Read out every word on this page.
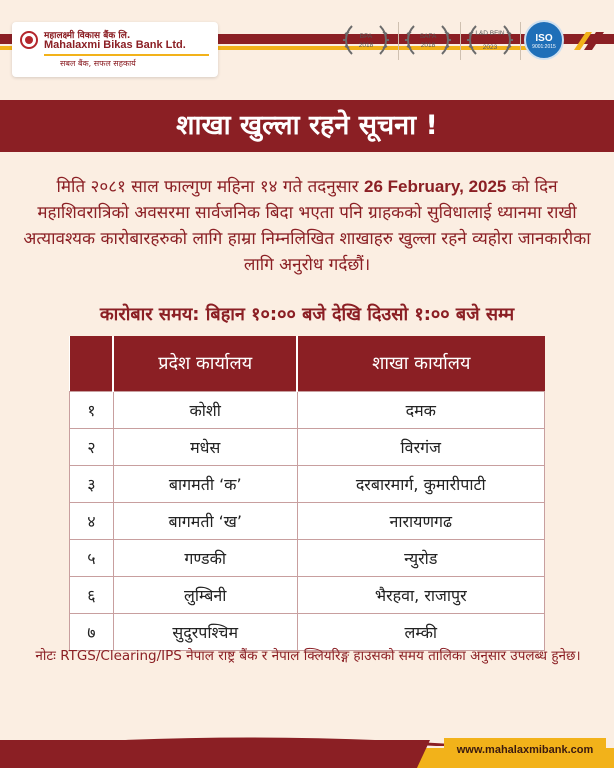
महालक्ष्मी विकास बैंक लि.
Mahalaxmi Bikas Bank Ltd.
सबल बैंक, सफल सहकार्य
BPA
2018
SAFA
2018
L&D BFIN
2023
ISO
9001:2015
शाखा खुल्ला रहने सूचना !
मिति २०८१ साल फाल्गुण महिना १४ गते तदनुसार 26 February, 2025 को दिन महाशिवरात्रिको अवसरमा सार्वजनिक बिदा भएता पनि ग्राहकको सुविधालाई ध्यानमा राखी अत्यावश्यक कारोबारहरुको लागि हाम्रा निम्नलिखित शाखाहरु खुल्ला रहने व्यहोरा जानकारीका लागि अनुरोध गर्दछौं।
कारोबार समय: बिहान १०:०० बजे देखि दिउसो १:०० बजे सम्म
	प्रदेश कार्यालय	शाखा कार्यालय
१	कोशी	दमक
२	मधेस	विरगंज
३	बागमती ‘क’	दरबारमार्ग, कुमारीपाटी
४	बागमती ‘ख’	नारायणगढ
५	गण्डकी	न्युरोड
६	लुम्बिनी	भैरहवा, राजापुर
७	सुदुरपश्चिम	लम्की
नोटः RTGS/Clearing/IPS नेपाल राष्ट्र बैंक र नेपाल क्लियरिङ्ग हाउसको समय तालिका अनुसार उपलब्ध हुनेछ।
www.mahalaxmibank.com
